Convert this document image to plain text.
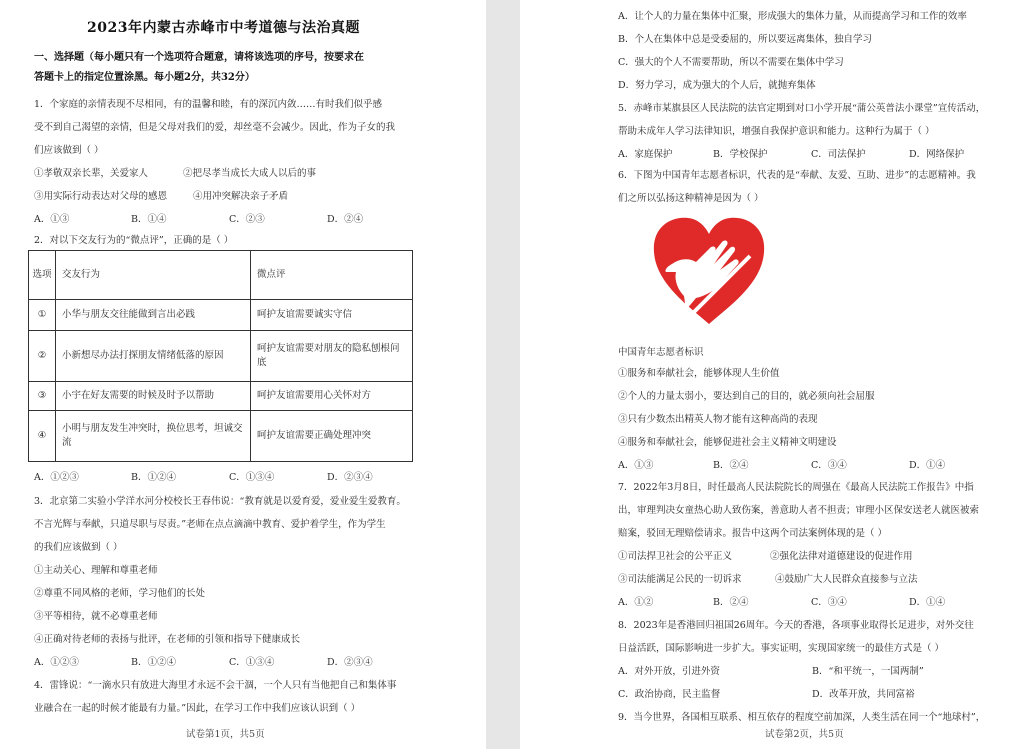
2023年内蒙古赤峰市中考道德与法治真题
一、选择题（每小题只有一个选项符合题意，请将该选项的序号，按要求在
答题卡上的指定位置涂黑。每小题2分，共32分）
1．个家庭的亲情表现不尽相同，有的温馨和睦，有的深沉内敛……有时我们似乎感
受不到自己渴望的亲情，但是父母对我们的爱，却丝毫不会减少。因此，作为子女的我
们应该做到（ ）
①孝敬双亲长辈，关爱家人	②把尽孝当成长大成人以后的事
③用实际行动表达对父母的感恩	④用冲突解决亲子矛盾
A．①③	B．①④	C．②③	D．②④
2．对以下交友行为的“微点评”，正确的是（ ）
选项	交友行为	微点评
①	小华与朋友交往能做到言出必践	呵护友谊需要诚实守信
②	小新想尽办法打探朋友情绪低落的原因	呵护友谊需要对朋友的隐私刨根问底
③	小宇在好友需要的时候及时予以帮助	呵护友谊需要用心关怀对方
④	小明与朋友发生冲突时，换位思考，坦诚交流	呵护友谊需要正确处理冲突
A．①②③	B．①②④	C．①③④	D．②③④
3．北京第二实验小学洋水河分校校长王春伟说：“教育就是以爱育爱，爱业爱生爱教育。
不言光辉与奉献，只道尽职与尽责。”老师在点点滴滴中教育、爱护着学生，作为学生
的我们应该做到（ ）
①主动关心、理解和尊重老师
②尊重不同风格的老师，学习他们的长处
③平等相待，就不必尊重老师
④正确对待老师的表扬与批评，在老师的引领和指导下健康成长
A．①②③	B．①②④	C．①③④	D．②③④
4．雷锋说：“一滴水只有放进大海里才永远不会干涸，一个人只有当他把自己和集体事
业融合在一起的时候才能最有力量。”因此，在学习工作中我们应该认识到（ ）
试卷第1页，共5页
A．让个人的力量在集体中汇聚，形成强大的集体力量，从而提高学习和工作的效率
B．个人在集体中总是受委屈的，所以要远离集体，独自学习
C．强大的个人不需要帮助，所以不需要在集体中学习
D．努力学习，成为强大的个人后，就抛弃集体
5．赤峰市某旗县区人民法院的法官定期到对口小学开展“蒲公英普法小课堂”宣传活动，
帮助未成年人学习法律知识，增强自我保护意识和能力。这种行为属于（ ）
A．家庭保护	B．学校保护	C．司法保护	D．网络保护
6．下图为中国青年志愿者标识，代表的是“奉献、友爱、互助、进步”的志愿精神。我
们之所以弘扬这种精神是因为（ ）
中国青年志愿者标识
①服务和奉献社会，能够体现人生价值
②个人的力量太弱小，要达到自己的目的，就必须向社会屈服
③只有少数杰出精英人物才能有这种高尚的表现
④服务和奉献社会，能够促进社会主义精神文明建设
A．①③	B．②④	C．③④	D．①④
7．2022年3月8日，时任最高人民法院院长的周强在《最高人民法院工作报告》中指
出，审理判决女童热心助人致伤案，善意助人者不担责；审理小区保安送老人就医被索
赔案，驳回无理赔偿请求。报告中这两个司法案例体现的是（ ）
①司法捍卫社会的公平正义	②强化法律对道德建设的促进作用
③司法能满足公民的一切诉求	④鼓励广大人民群众直接参与立法
A．①②	B．②④	C．③④	D．①④
8．2023年是香港回归祖国26周年。今天的香港，各项事业取得长足进步，对外交往
日益活跃，国际影响进一步扩大。事实证明，实现国家统一的最佳方式是（ ）
A．对外开放，引进外资	B．“和平统一，一国两制”
C．政治协商，民主监督	D．改革开放，共同富裕
9．当今世界，各国相互联系、相互依存的程度空前加深，人类生活在同一个“地球村”，
试卷第2页，共5页
